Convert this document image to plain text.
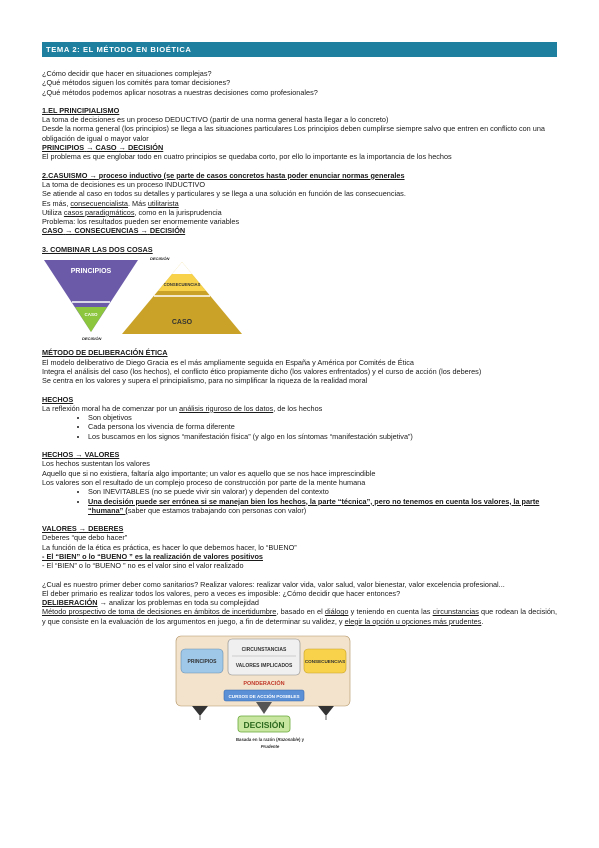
TEMA 2: EL MÉTODO EN BIOÉTICA

¿Cómo decidir que hacer en situaciones complejas?

¿Qué métodos siguen los comités para tomar decisiones?

¿Qué métodos podemos aplicar nosotras a nuestras decisiones como profesionales?

1.EL PRINCIPIALISMO

La toma de decisiones es un proceso DEDUCTIVO (partir de una norma general hasta llegar a lo concreto)

Desde la norma general (los principios) se llega a las situaciones particulares Los principios deben cumplirse siempre salvo que entren en conflicto con una obligación de igual o mayor valor

PRINCIPIOS → CASO → DECISIÓN

El problema es que englobar todo en cuatro principios se quedaba corto, por ello lo importante es la importancia de los hechos

2.CASUISMO → proceso inductivo (se parte de casos concretos hasta poder enunciar normas generales

La toma de decisiones es un proceso INDUCTIVO

Se atiende al caso en todos su detalles y particulares y se llega a una solución en función de las consecuencias.

Es más, consecuencialista. Más utilitarista

Utiliza casos paradigmáticos, como en la jurisprudencia

Problema: los resultados pueden ser enormemente variables

CASO → CONSECUENCIAS → DECISIÓN

3. COMBINAR LAS DOS COSAS

PRINCIPIOS
CASO
CONSECUENCIAS
CASO
DECISIÓN
DECISIÓN

MÉTODO DE DELIBERACIÓN ÉTICA

El modelo deliberativo de Diego Gracia es el más ampliamente seguida en España y América por Comités de Ética

Integra el análisis del caso (los hechos), el conflicto ético propiamente dicho (los valores enfrentados) y el curso de acción (los deberes)

Se centra en los valores y supera el principialismo, para no simplificar la riqueza de la realidad moral

HECHOS

La reflexión moral ha de comenzar por un análisis riguroso de los datos, de los hechos

• Son objetivos
• Cada persona los vivencia de forma diferente
• Los buscamos en los signos “manifestación física” (y algo en los síntomas “manifestación subjetiva”)

HECHOS → VALORES

Los hechos sustentan los valores

Aquello que si no existiera, faltaría algo importante; un valor es aquello que se nos hace imprescindible

Los valores son el resultado de un complejo proceso de construcción por parte de la mente humana

• Son INEVITABLES (no se puede vivir sin valorar) y dependen del contexto
• Una decisión puede ser errónea si se manejan bien los hechos, la parte “técnica”, pero no tenemos en cuenta los valores, la parte “humana” (saber que estamos trabajando con personas con valor)

VALORES → DEBERES

Deberes “que debo hacer”

La función de la ética es práctica, es hacer lo que debemos hacer, lo “BUENO”

- El “BIEN” o lo “BUENO ” es la realización de valores positivos

- El “BIEN” o lo “BUENO ” no es el valor sino el valor realizado

¿Cual es nuestro primer deber como sanitarios? Realizar valores: realizar valor vida, valor salud, valor bienestar, valor excelencia profesional...

El deber primario es realizar todos los valores, pero a veces es imposible: ¿Cómo decidir que hacer entonces?

DELIBERACIÓN → analizar los problemas en toda su complejidad

Método prospectivo de toma de decisiones en ámbitos de incertidumbre, basado en el diálogo y teniendo en cuenta las circunstancias que rodean la decisión, y que consiste en la evaluación de los argumentos en juego, a fin de determinar su validez, y elegir la opción u opciones más prudentes.

CIRCUNSTANCIAS
VALORES IMPLICADOS
PRINCIPIOS	CONSECUENCIAS
PONDERACIÓN
CURSOS DE ACCIÓN POSIBLES
DECISIÓN
Basada en la razón (Razonable) y
Prudente
